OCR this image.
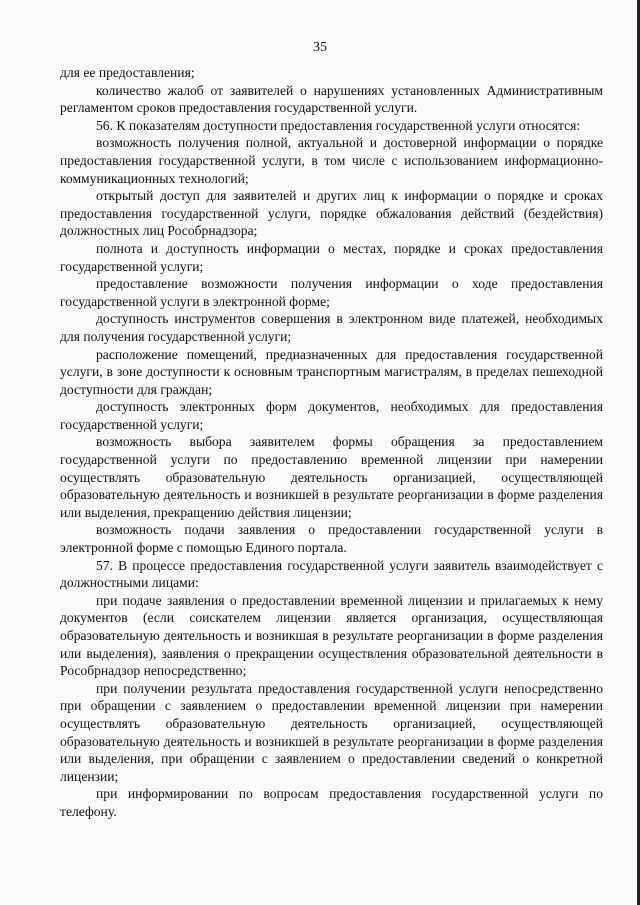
35

для ее предоставления;

количество жалоб от заявителей о нарушениях установленных Административным регламентом сроков предоставления государственной услуги.

56. К показателям доступности предоставления государственной услуги относятся:

возможность получения полной, актуальной и достоверной информации о порядке предоставления государственной услуги, в том числе с использованием информационно-коммуникационных технологий;

открытый доступ для заявителей и других лиц к информации о порядке и сроках предоставления государственной услуги, порядке обжалования действий (бездействия) должностных лиц Рособрнадзора;

полнота и доступность информации о местах, порядке и сроках предоставления государственной услуги;

предоставление возможности получения информации о ходе предоставления государственной услуги в электронной форме;

доступность инструментов совершения в электронном виде платежей, необходимых для получения государственной услуги;

расположение помещений, предназначенных для предоставления государственной услуги, в зоне доступности к основным транспортным магистралям, в пределах пешеходной доступности для граждан;

доступность электронных форм документов, необходимых для предоставления государственной услуги;

возможность выбора заявителем формы обращения за предоставлением государственной услуги по предоставлению временной лицензии при намерении осуществлять образовательную деятельность организацией, осуществляющей образовательную деятельность и возникшей в результате реорганизации в форме разделения или выделения, прекращению действия лицензии;

возможность подачи заявления о предоставлении государственной услуги в электронной форме с помощью Единого портала.

57. В процессе предоставления государственной услуги заявитель взаимодействует с должностными лицами:

при подаче заявления о предоставлении временной лицензии и прилагаемых к нему документов (если соискателем лицензии является организация, осуществляющая образовательную деятельность и возникшая в результате реорганизации в форме разделения или выделения), заявления о прекращении осуществления образовательной деятельности в Рособрнадзор непосредственно;

при получении результата предоставления государственной услуги непосредственно при обращении с заявлением о предоставлении временной лицензии при намерении осуществлять образовательную деятельность организацией, осуществляющей образовательную деятельность и возникшей в результате реорганизации в форме разделения или выделения, при обращении с заявлением о предоставлении сведений о конкретной лицензии;

при информировании по вопросам предоставления государственной услуги по телефону.
